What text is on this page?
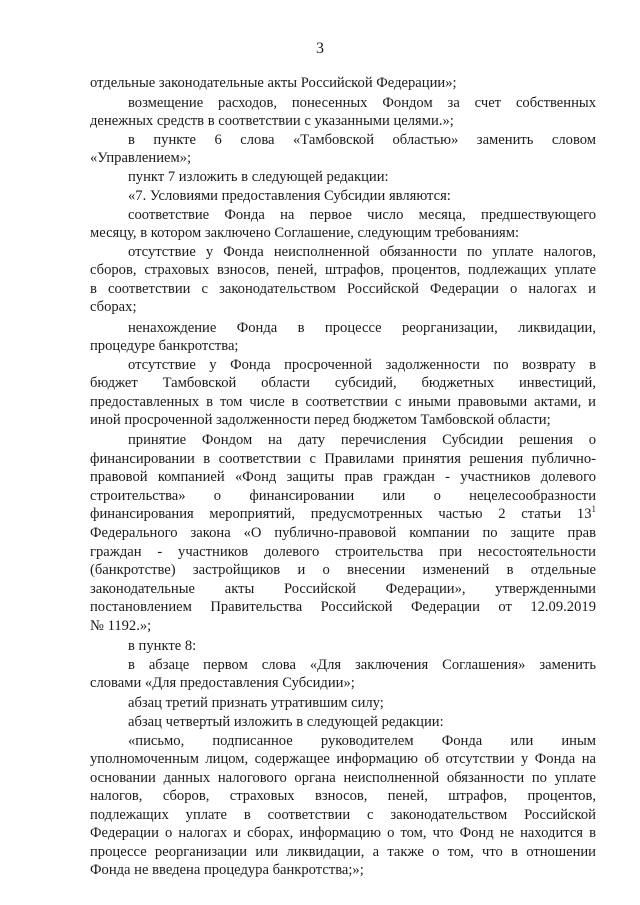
3
отдельные законодательные акты Российской Федерации»;
возмещение расходов, понесенных Фондом за счет собственных
денежных средств в соответствии с указанными целями.»;
в пункте 6 слова «Тамбовской областью» заменить словом
«Управлением»;
пункт 7 изложить в следующей редакции:
«7. Условиями предоставления Субсидии являются:
соответствие Фонда на первое число месяца, предшествующего
месяцу, в котором заключено Соглашение, следующим требованиям:
отсутствие у Фонда неисполненной обязанности по уплате налогов,
сборов, страховых взносов, пеней, штрафов, процентов, подлежащих уплате
в соответствии с законодательством Российской Федерации о налогах и
сборах;
ненахождение Фонда в процессе реорганизации, ликвидации,
процедуре банкротства;
отсутствие у Фонда просроченной задолженности по возврату в
бюджет Тамбовской области субсидий, бюджетных инвестиций,
предоставленных в том числе в соответствии с иными правовыми актами, и
иной просроченной задолженности перед бюджетом Тамбовской области;
принятие Фондом на дату перечисления Субсидии решения о
финансировании в соответствии с Правилами принятия решения публично-
правовой компанией «Фонд защиты прав граждан - участников долевого
строительства» о финансировании или о нецелесообразности
финансирования мероприятий, предусмотренных частью 2 статьи $13^1$
Федерального закона «О публично-правовой компании по защите прав
граждан - участников долевого строительства при несостоятельности
(банкротстве) застройщиков и о внесении изменений в отдельные
законодательные акты Российской Федерации», утвержденными
постановлением Правительства Российской Федерации от 12.09.2019
№ 1192.»;
в пункте 8:
в абзаце первом слова «Для заключения Соглашения» заменить
словами «Для предоставления Субсидии»;
абзац третий признать утратившим силу;
абзац четвертый изложить в следующей редакции:
«письмо, подписанное руководителем Фонда или иным
уполномоченным лицом, содержащее информацию об отсутствии у Фонда на
основании данных налогового органа неисполненной обязанности по уплате
налогов, сборов, страховых взносов, пеней, штрафов, процентов,
подлежащих уплате в соответствии с законодательством Российской
Федерации о налогах и сборах, информацию о том, что Фонд не находится в
процессе реорганизации или ликвидации, а также о том, что в отношении
Фонда не введена процедура банкротства;»;
